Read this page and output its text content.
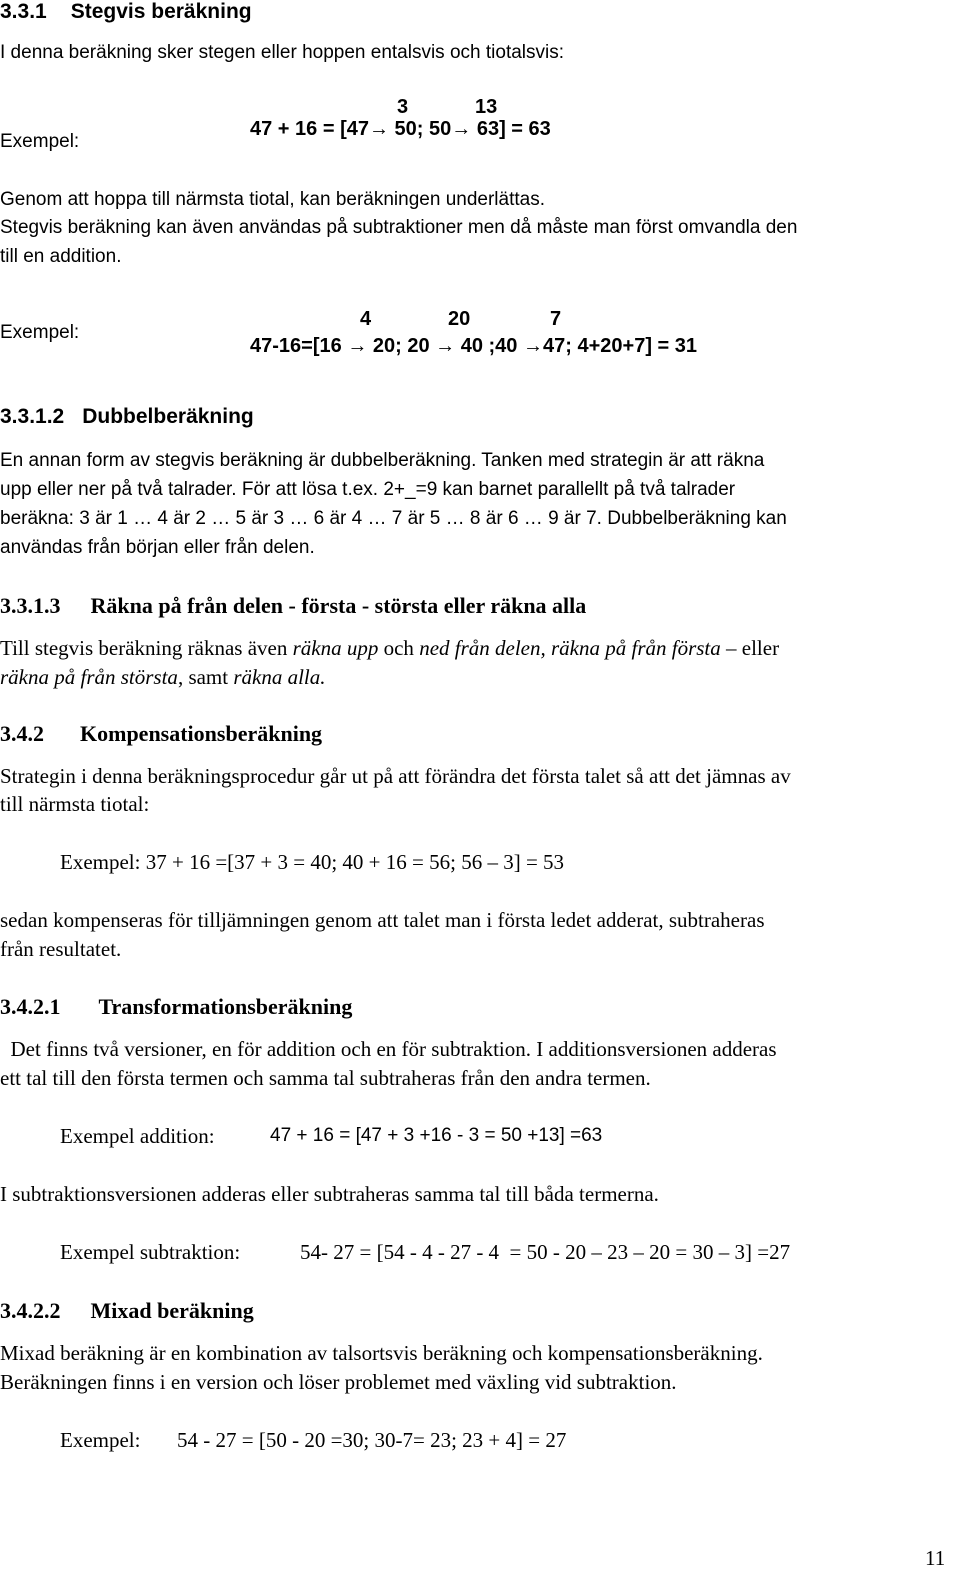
3.3.1 Stegvis beräkning
I denna beräkning sker stegen eller hoppen entalsvis och tiotalsvis:
Exempel:
3	13
47 + 16 = [47→ 50; 50→ 63] = 63
Genom att hoppa till närmsta tiotal, kan beräkningen underlättas.
Stegvis beräkning kan även användas på subtraktioner men då måste man först omvandla den
till en addition.
Exempel:
4	20	7
47-16=[16 → 20; 20 → 40 ;40 →47; 4+20+7] = 31
3.3.1.2 Dubbelberäkning
En annan form av stegvis beräkning är dubbelberäkning. Tanken med strategin är att räkna
upp eller ner på två talrader. För att lösa t.ex. 2+_=9 kan barnet parallellt på två talrader
beräkna: 3 är 1 … 4 är 2 … 5 är 3 … 6 är 4 … 7 är 5 … 8 är 6 … 9 är 7. Dubbelberäkning kan
användas från början eller från delen.
3.3.1.3 Räkna på från delen - första - största eller räkna alla
Till stegvis beräkning räknas även räkna upp och ned från delen, räkna på från första – eller
räkna på från största, samt räkna alla.
3.4.2 Kompensationsberäkning
Strategin i denna beräkningsprocedur går ut på att förändra det första talet så att det jämnas av
till närmsta tiotal:
Exempel: 37 + 16 =[37 + 3 = 40; 40 + 16 = 56; 56 – 3] = 53
sedan kompenseras för tilljämningen genom att talet man i första ledet adderat, subtraheras
från resultatet.
3.4.2.1 Transformationsberäkning
Det finns två versioner, en för addition och en för subtraktion. I additionsversionen adderas
ett tal till den första termen och samma tal subtraheras från den andra termen.
Exempel addition:	47 + 16 = [47 + 3 +16 - 3 = 50 +13] =63
I subtraktionsversionen adderas eller subtraheras samma tal till båda termerna.
Exempel subtraktion:	54- 27 = [54 - 4 - 27 - 4  = 50 - 20 – 23 – 20 = 30 – 3] =27
3.4.2.2 Mixad beräkning
Mixad beräkning är en kombination av talsortsvis beräkning och kompensationsberäkning.
Beräkningen finns i en version och löser problemet med växling vid subtraktion.
Exempel: 54 - 27 = [50 - 20 =30; 30-7= 23; 23 + 4] = 27
11
